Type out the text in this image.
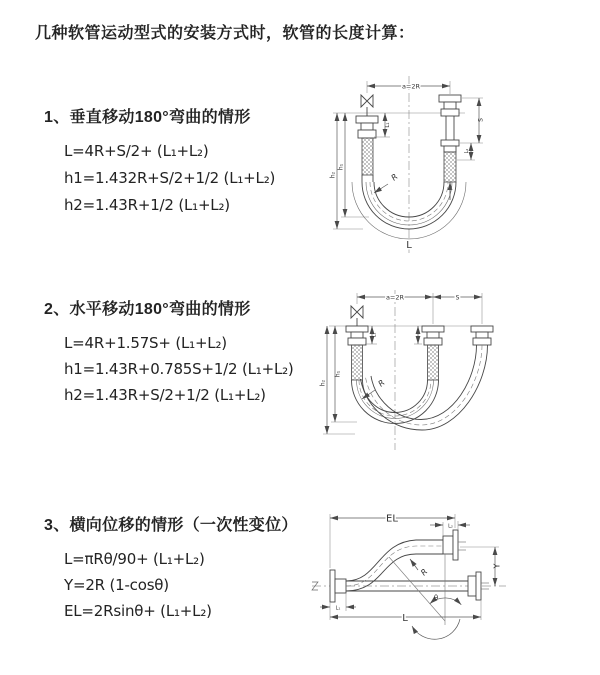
几种软管运动型式的安装方式时，软管的长度计算：
1、垂直移动180°弯曲的情形
L=4R+S/2+ (L₁+L₂)
h1=1.432R+S/2+1/2 (L₁+L₂)
h2=1.43R+1/2 (L₁+L₂)
2、水平移动180°弯曲的情形
L=4R+1.57S+ (L₁+L₂)
h1=1.43R+0.785S+1/2 (L₁+L₂)
h2=1.43R+S/2+1/2 (L₁+L₂)
3、横向位移的情形（一次性变位）
L=πRθ/90+ (L₁+L₂)
Y=2R (1-cosθ)
EL=2Rsinθ+ (L₁+L₂)
a=2R
h₁
h₂
L₁
S
L₂
R
L
a=2R	S
h₁
h₂
L₁
R
EL
L₂
Y
R
θ
L₁
L
